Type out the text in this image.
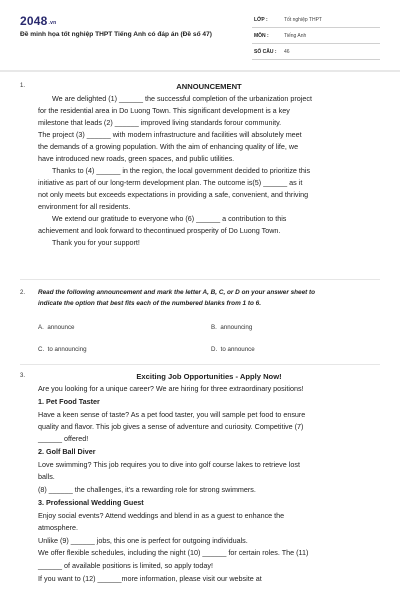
2048.vn
Đề minh họa tốt nghiệp THPT Tiếng Anh có đáp án (Đề số 47)
LỚP :	Tốt nghiệp THPT
MÔN :	Tiếng Anh
SỐ CÂU : 46
1.	ANNOUNCEMENT
We are delighted (1) ______ the successful completion of the urbanization project
for the residential area in Do Luong Town. This significant development is a key
milestone that leads (2) ______ improved living standards forour community.
The project (3) ______ with modern infrastructure and facilities will absolutely meet
the demands of a growing population. With the aim of enhancing quality of life, we
have introduced new roads, green spaces, and public utilities.
Thanks to (4) ______ in the region, the local government decided to prioritize this
initiative as part of our long-term development plan. The outcome is(5) ______ as it
not only meets but exceeds expectations in providing a safe, convenient, and thriving
environment for all residents.
We extend our gratitude to everyone who (6) ______ a contribution to this
achievement and look forward to thecontinued prosperity of Do Luong Town.
Thank you for your support!
2. Read the following announcement and mark the letter A, B, C, or D on your answer sheet to
indicate the option that best fits each of the numbered blanks from 1 to 6.
A. announce	B. announcing
C. to announcing	D. to announce
3.	Exciting Job Opportunities - Apply Now!
Are you looking for a unique career? We are hiring for three extraordinary positions!
1. Pet Food Taster
Have a keen sense of taste? As a pet food taster, you will sample pet food to ensure
quality and flavor. This job gives a sense of adventure and curiosity. Competitive (7)
______ offered!
2. Golf Ball Diver
Love swimming? This job requires you to dive into golf course lakes to retrieve lost
balls.
(8) ______ the challenges, it's a rewarding role for strong swimmers.
3. Professional Wedding Guest
Enjoy social events? Attend weddings and blend in as a guest to enhance the
atmosphere.
Unlike (9) ______ jobs, this one is perfect for outgoing individuals.
We offer flexible schedules, including the night (10) ______ for certain roles. The (11)
______ of available positions is limited, so apply today!
If you want to (12) ______more information, please visit our website at
